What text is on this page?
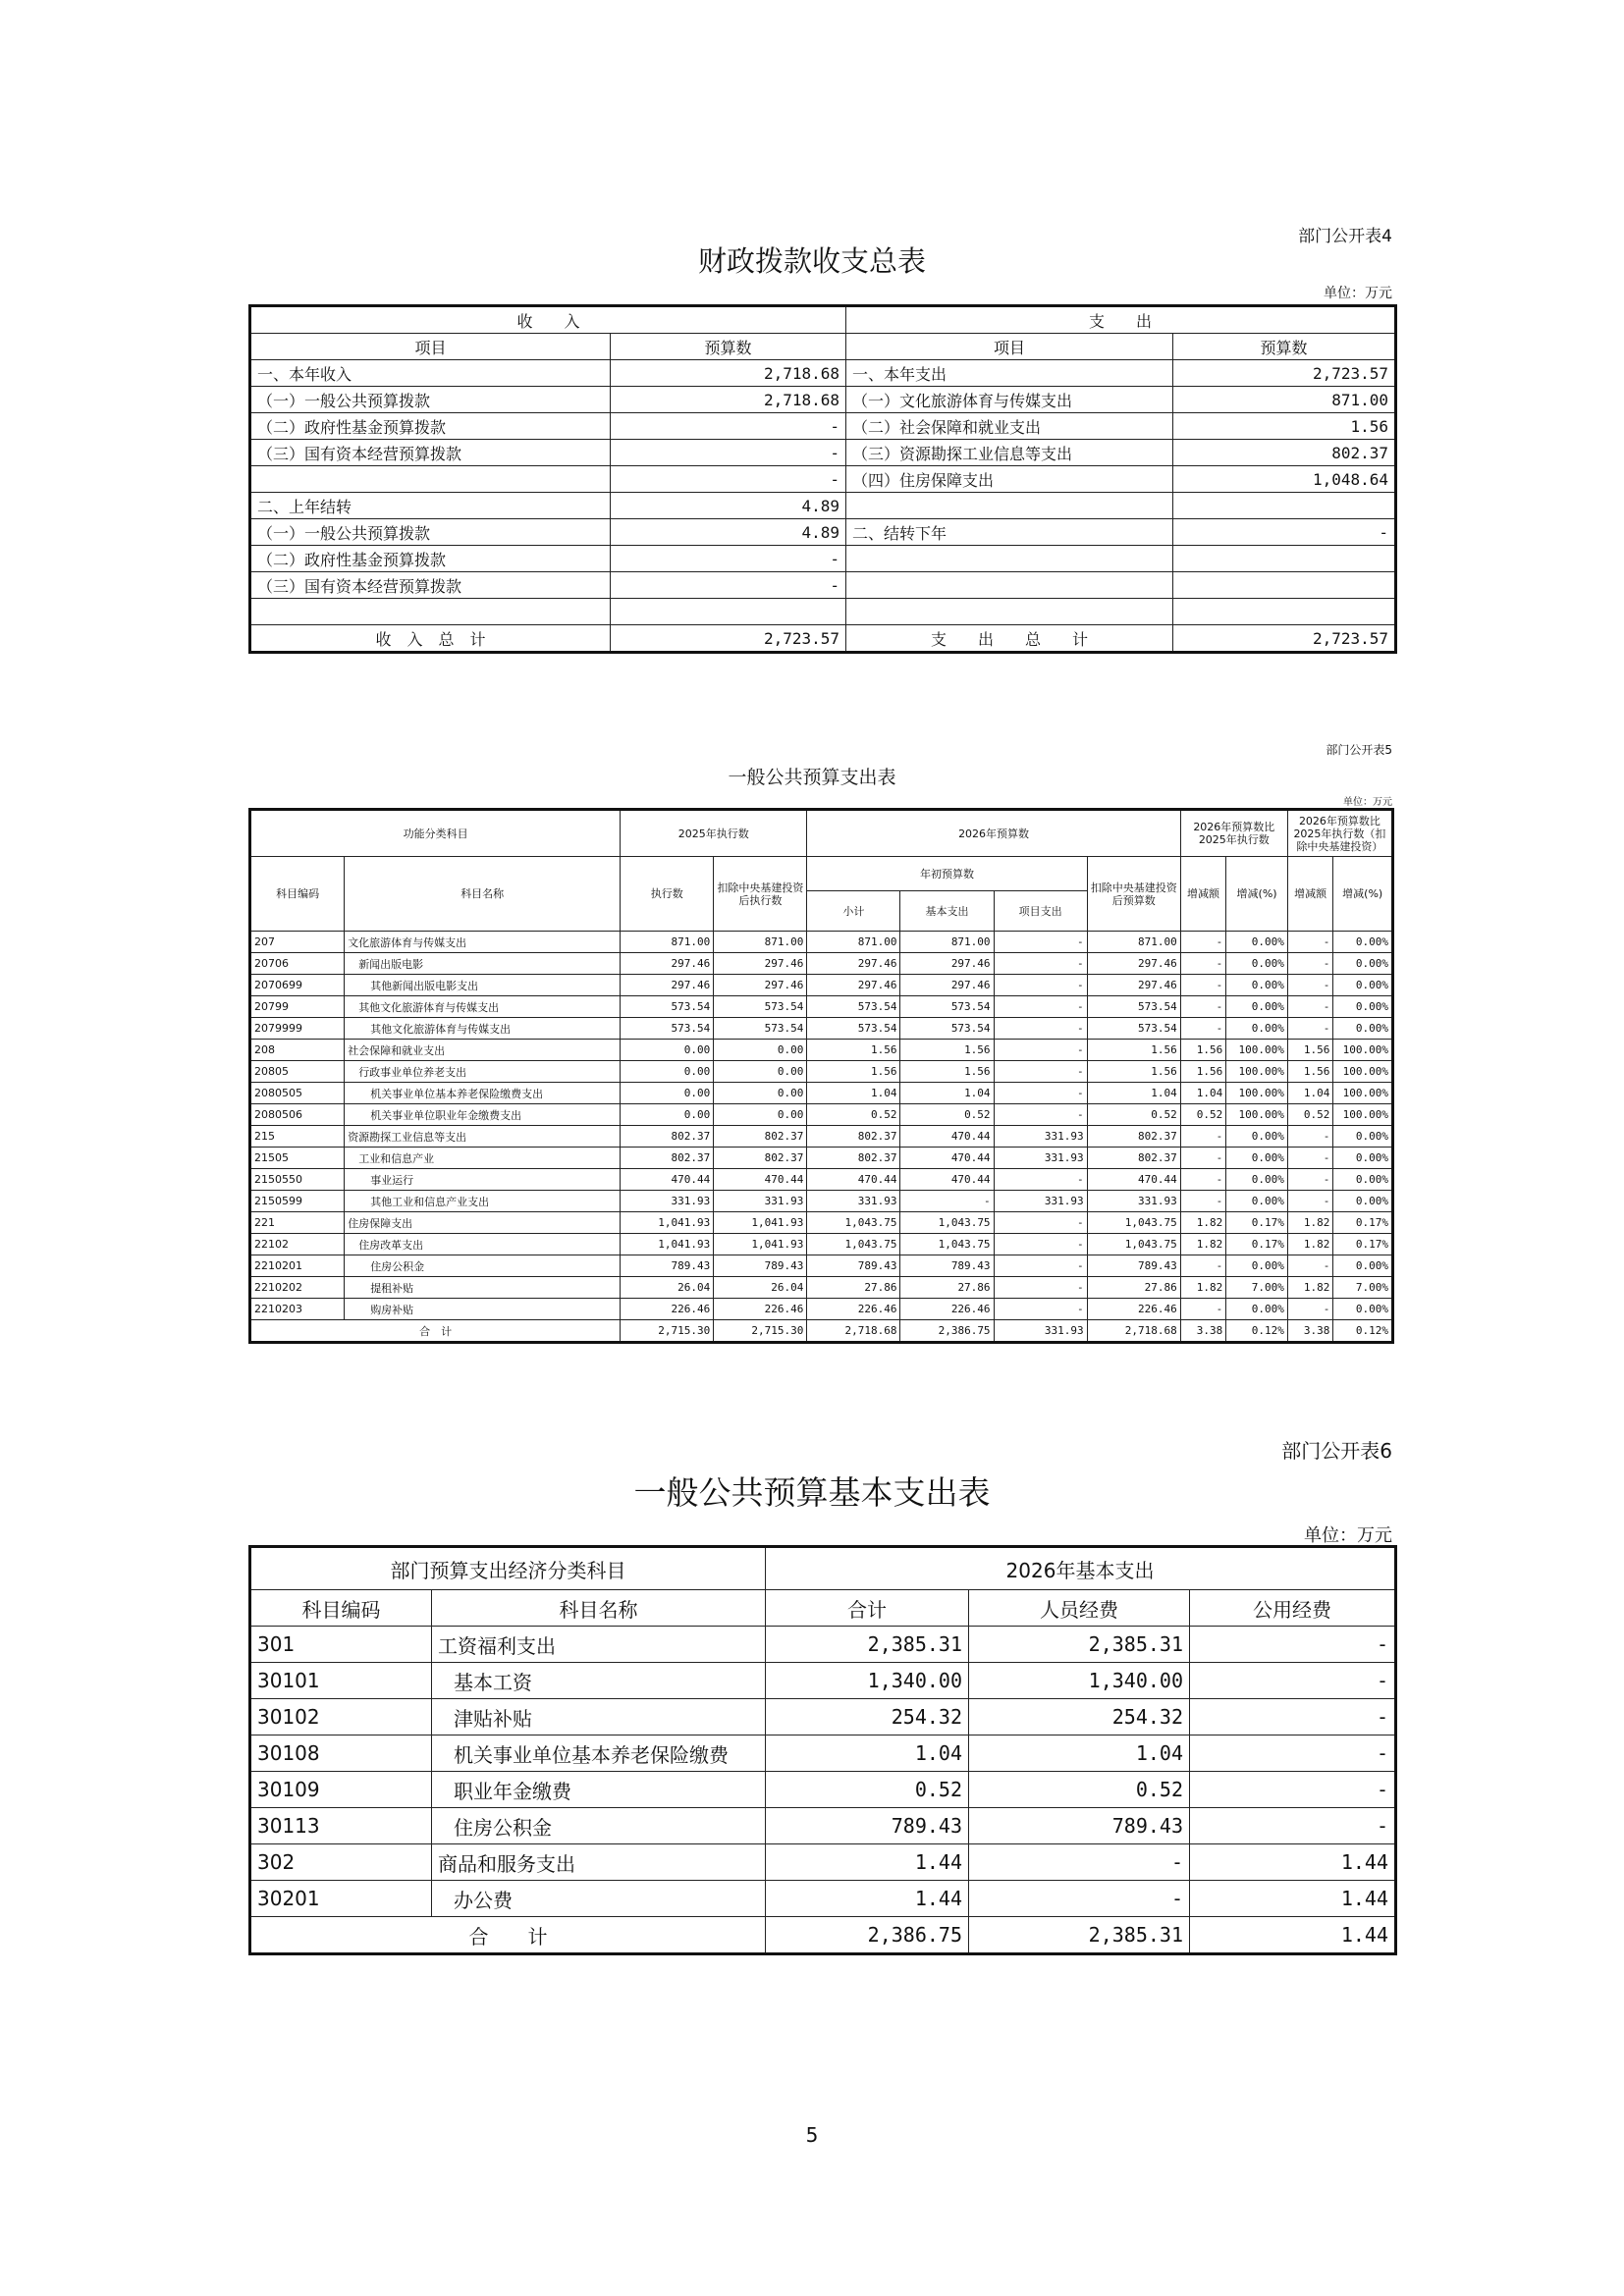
部门公开表4
财政拨款收支总表
单位：万元
收　　入		支　　出	
项目	预算数	项目	预算数
一、本年收入	2,718.68	一、本年支出	2,723.57
（一）一般公共预算拨款	2,718.68	（一）文化旅游体育与传媒支出	871.00
（二）政府性基金预算拨款	-	（二）社会保障和就业支出	1.56
（三）国有资本经营预算拨款	-	（三）资源勘探工业信息等支出	802.37
	-	（四）住房保障支出	1,048.64
二、上年结转	4.89		
（一）一般公共预算拨款	4.89	二、结转下年	-
（二）政府性基金预算拨款	-		
（三）国有资本经营预算拨款	-		

收　入　总　计	2,723.57	支　　出　　总　　计	2,723.57
部门公开表5
一般公共预算支出表
单位：万元
功能分类科目		2025年执行数		2026年预算数				2026年预算数比2025年执行数		2026年预算数比2025年执行数（扣除中央基建投资）	
科目编码	科目名称	执行数	扣除中央基建投资后执行数	年初预算数			扣除中央基建投资后预算数	增减额	增减(%)	增减额	增减(%)
				小计	基本支出	项目支出					
207	文化旅游体育与传媒支出	871.00	871.00	871.00	871.00	-	871.00	-	0.00%	-	0.00%
20706	新闻出版电影	297.46	297.46	297.46	297.46	-	297.46	-	0.00%	-	0.00%
2070699	其他新闻出版电影支出	297.46	297.46	297.46	297.46	-	297.46	-	0.00%	-	0.00%
20799	其他文化旅游体育与传媒支出	573.54	573.54	573.54	573.54	-	573.54	-	0.00%	-	0.00%
2079999	其他文化旅游体育与传媒支出	573.54	573.54	573.54	573.54	-	573.54	-	0.00%	-	0.00%
208	社会保障和就业支出	0.00	0.00	1.56	1.56	-	1.56	1.56	100.00%	1.56	100.00%
20805	行政事业单位养老支出	0.00	0.00	1.56	1.56	-	1.56	1.56	100.00%	1.56	100.00%
2080505	机关事业单位基本养老保险缴费支出	0.00	0.00	1.04	1.04	-	1.04	1.04	100.00%	1.04	100.00%
2080506	机关事业单位职业年金缴费支出	0.00	0.00	0.52	0.52	-	0.52	0.52	100.00%	0.52	100.00%
215	资源勘探工业信息等支出	802.37	802.37	802.37	470.44	331.93	802.37	-	0.00%	-	0.00%
21505	工业和信息产业	802.37	802.37	802.37	470.44	331.93	802.37	-	0.00%	-	0.00%
2150550	事业运行	470.44	470.44	470.44	470.44	-	470.44	-	0.00%	-	0.00%
2150599	其他工业和信息产业支出	331.93	331.93	331.93	-	331.93	331.93	-	0.00%	-	0.00%
221	住房保障支出	1,041.93	1,041.93	1,043.75	1,043.75	-	1,043.75	1.82	0.17%	1.82	0.17%
22102	住房改革支出	1,041.93	1,041.93	1,043.75	1,043.75	-	1,043.75	1.82	0.17%	1.82	0.17%
2210201	住房公积金	789.43	789.43	789.43	789.43	-	789.43	-	0.00%	-	0.00%
2210202	提租补贴	26.04	26.04	27.86	27.86	-	27.86	1.82	7.00%	1.82	7.00%
2210203	购房补贴	226.46	226.46	226.46	226.46	-	226.46	-	0.00%	-	0.00%
合　计		2,715.30	2,715.30	2,718.68	2,386.75	331.93	2,718.68	3.38	0.12%	3.38	0.12%
部门公开表6
一般公共预算基本支出表
单位：万元
部门预算支出经济分类科目		2026年基本支出		
科目编码	科目名称	合计	人员经费	公用经费
301	工资福利支出	2,385.31	2,385.31	-
30101	基本工资	1,340.00	1,340.00	-
30102	津贴补贴	254.32	254.32	-
30108	机关事业单位基本养老保险缴费	1.04	1.04	-
30109	职业年金缴费	0.52	0.52	-
30113	住房公积金	789.43	789.43	-
302	商品和服务支出	1.44	-	1.44
30201	办公费	1.44	-	1.44
合　　计		2,386.75	2,385.31	1.44
5
